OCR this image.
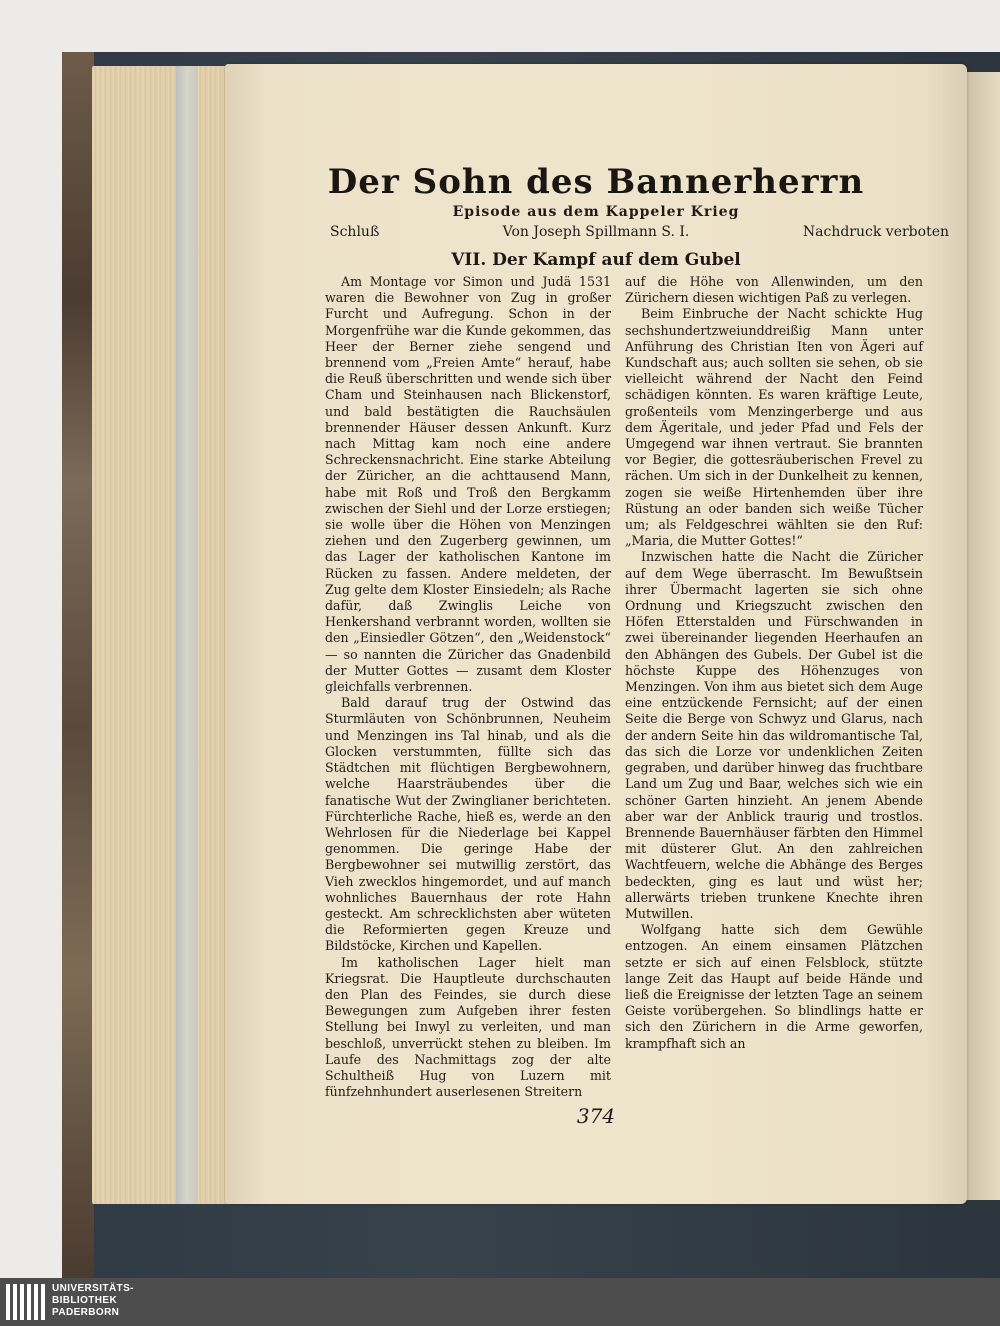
Der Sohn des Bannerherrn
Episode aus dem Kappeler Krieg
Schluß	Von Joseph Spillmann S. I.	Nachdruck verboten
VII. Der Kampf auf dem Gubel

Am Montage vor Simon und Judä 1531 waren die Bewohner von Zug in großer Furcht und Aufregung. Schon in der Morgenfrühe war die Kunde gekommen, das Heer der Berner ziehe sengend und brennend vom „Freien Amte“ herauf, habe die Reuß überschritten und wende sich über Cham und Steinhausen nach Blickenstorf, und bald bestätigten die Rauchsäulen brennender Häuser dessen Ankunft. Kurz nach Mittag kam noch eine andere Schreckensnachricht. Eine starke Abteilung der Züricher, an die achttausend Mann, habe mit Roß und Troß den Bergkamm zwischen der Siehl und der Lorze erstiegen; sie wolle über die Höhen von Menzingen ziehen und den Zugerberg gewinnen, um das Lager der katholischen Kantone im Rücken zu fassen. Andere meldeten, der Zug gelte dem Kloster Einsiedeln; als Rache dafür, daß Zwinglis Leiche von Henkershand verbrannt worden, wollten sie den „Einsiedler Götzen“, den „Weidenstock“ — so nannten die Züricher das Gnadenbild der Mutter Gottes — zusamt dem Kloster gleichfalls verbrennen.

Bald darauf trug der Ostwind das Sturmläuten von Schönbrunnen, Neuheim und Menzingen ins Tal hinab, und als die Glocken verstummten, füllte sich das Städtchen mit flüchtigen Bergbewohnern, welche Haarsträubendes über die fanatische Wut der Zwinglianer berichteten. Fürchterliche Rache, hieß es, werde an den Wehrlosen für die Niederlage bei Kappel genommen. Die geringe Habe der Bergbewohner sei mutwillig zerstört, das Vieh zwecklos hingemordet, und auf manch wohnliches Bauernhaus der rote Hahn gesteckt. Am schrecklichsten aber wüteten die Reformierten gegen Kreuze und Bildstöcke, Kirchen und Kapellen.

Im katholischen Lager hielt man Kriegsrat. Die Hauptleute durchschauten den Plan des Feindes, sie durch diese Bewegungen zum Aufgeben ihrer festen Stellung bei Inwyl zu verleiten, und man beschloß, unverrückt stehen zu bleiben. Im Laufe des Nachmittags zog der alte Schultheiß Hug von Luzern mit fünfzehnhundert auserlesenen Streitern

auf die Höhe von Allenwinden, um den Zürichern diesen wichtigen Paß zu verlegen.

Beim Einbruche der Nacht schickte Hug sechshundertzweiunddreißig Mann unter Anführung des Christian Iten von Ägeri auf Kundschaft aus; auch sollten sie sehen, ob sie vielleicht während der Nacht den Feind schädigen könnten. Es waren kräftige Leute, großenteils vom Menzingerberge und aus dem Ägeritale, und jeder Pfad und Fels der Umgegend war ihnen vertraut. Sie brannten vor Begier, die gottesräuberischen Frevel zu rächen. Um sich in der Dunkelheit zu kennen, zogen sie weiße Hirtenhemden über ihre Rüstung an oder banden sich weiße Tücher um; als Feldgeschrei wählten sie den Ruf: „Maria, die Mutter Gottes!“

Inzwischen hatte die Nacht die Züricher auf dem Wege überrascht. Im Bewußtsein ihrer Übermacht lagerten sie sich ohne Ordnung und Kriegszucht zwischen den Höfen Etterstalden und Fürschwanden in zwei übereinander liegenden Heerhaufen an den Abhängen des Gubels. Der Gubel ist die höchste Kuppe des Höhenzuges von Menzingen. Von ihm aus bietet sich dem Auge eine entzückende Fernsicht; auf der einen Seite die Berge von Schwyz und Glarus, nach der andern Seite hin das wildromantische Tal, das sich die Lorze vor undenklichen Zeiten gegraben, und darüber hinweg das fruchtbare Land um Zug und Baar, welches sich wie ein schöner Garten hinzieht. An jenem Abende aber war der Anblick traurig und trostlos. Brennende Bauernhäuser färbten den Himmel mit düsterer Glut. An den zahlreichen Wachtfeuern, welche die Abhänge des Berges bedeckten, ging es laut und wüst her; allerwärts trieben trunkene Knechte ihren Mutwillen.

Wolfgang hatte sich dem Gewühle entzogen. An einem einsamen Plätzchen setzte er sich auf einen Felsblock, stützte lange Zeit das Haupt auf beide Hände und ließ die Ereignisse der letzten Tage an seinem Geiste vorübergehen. So blindlings hatte er sich den Zürichern in die Arme geworfen, krampfhaft sich an

374
UNIVERSITÄTS-
BIBLIOTHEK
PADERBORN
